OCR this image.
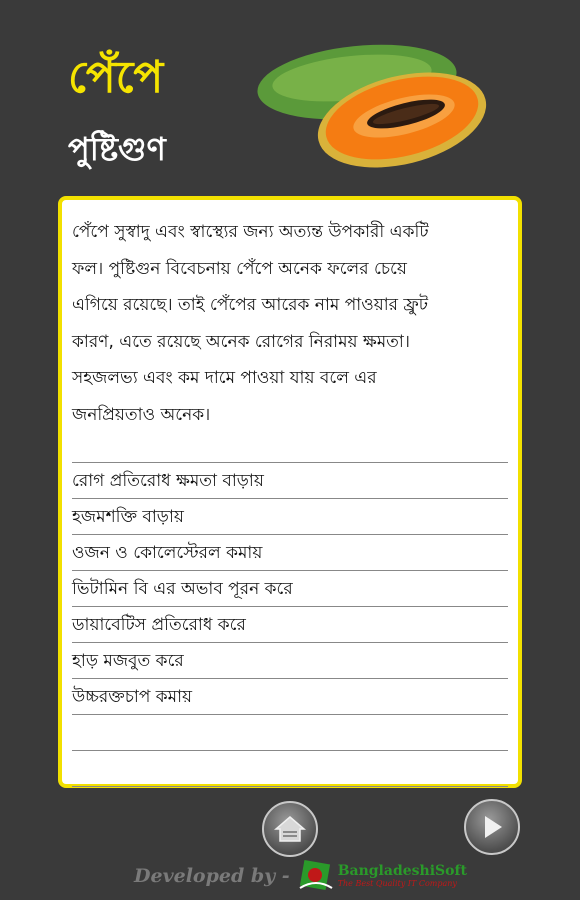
পেঁপে
পুষ্টিগুণ
পেঁপে সুস্বাদু এবং স্বাস্থ্যের জন্য অত্যন্ত উপকারী একটি
ফল। পুষ্টিগুন বিবেচনায় পেঁপে অনেক ফলের চেয়ে
এগিয়ে রয়েছে। তাই পেঁপের আরেক নাম পাওয়ার ফ্রুট
কারণ, এতে রয়েছে অনেক রোগের নিরাময় ক্ষমতা।
সহজলভ্য এবং কম দামে পাওয়া যায় বলে এর
জনপ্রিয়তাও অনেক।
রোগ প্রতিরোধ ক্ষমতা বাড়ায়
হজমশক্তি বাড়ায়
ওজন ও কোলেস্টেরল কমায়
ভিটামিন বি এর অভাব পূরন করে
ডায়াবেটিস প্রতিরোধ করে
হাড় মজবুত করে
উচ্চরক্তচাপ কমায়
Developed by -	BangladeshiSoft
The Best Quality IT Company
